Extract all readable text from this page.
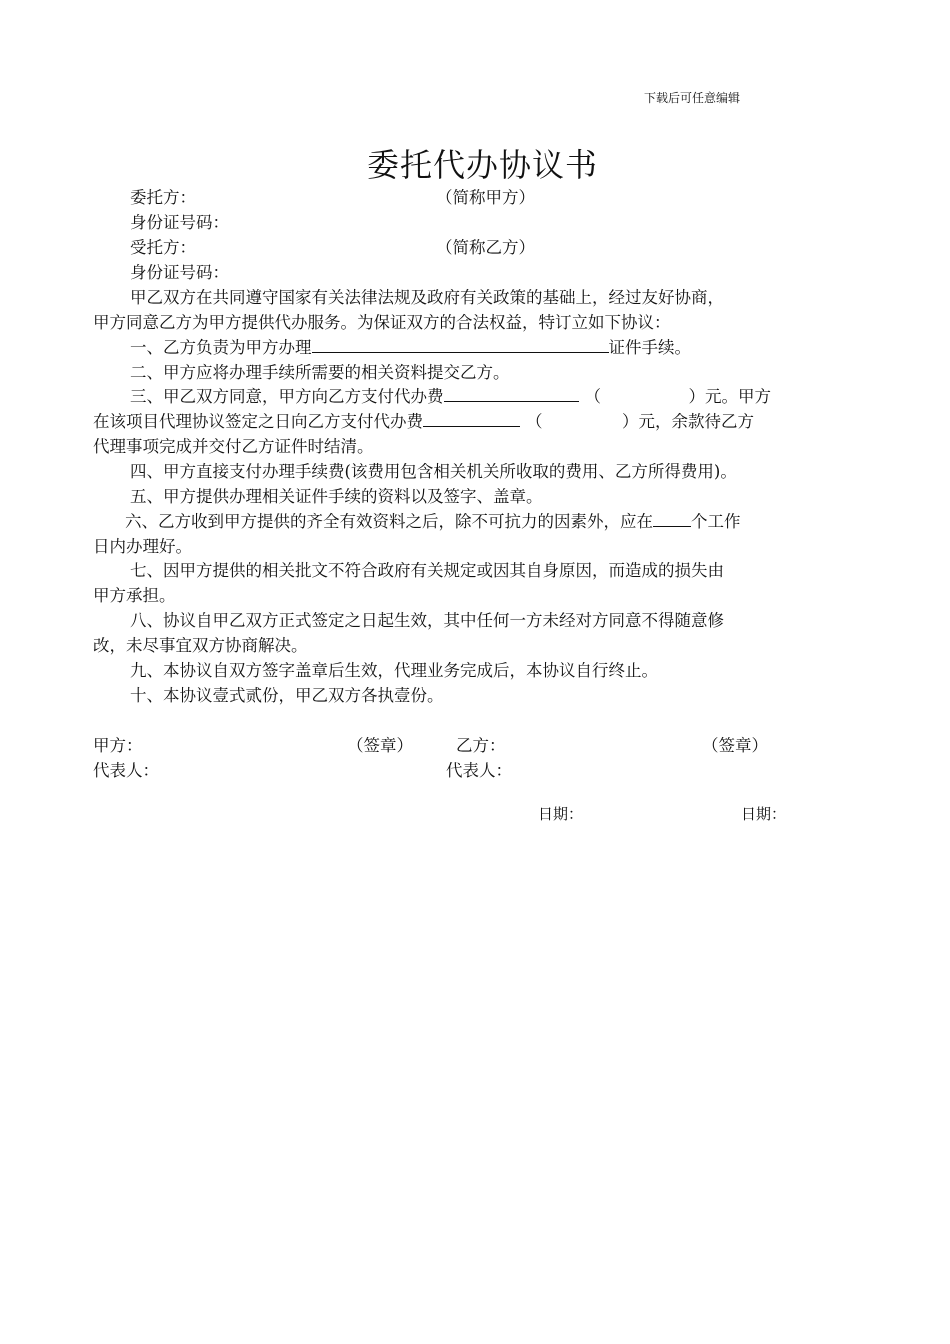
下载后可任意编辑
委托代办协议书
委托方：	（简称甲方）
身份证号码：
受托方：	（简称乙方）
身份证号码：
甲乙双方在共同遵守国家有关法律法规及政府有关政策的基础上，经过友好协商，
甲方同意乙方为甲方提供代办服务。为保证双方的合法权益，特订立如下协议：
一、乙方负责为甲方办理	证件手续。
二、甲方应将办理手续所需要的相关资料提交乙方。
三、甲乙双方同意，甲方向乙方支付代办费	（	）元。甲方
在该项目代理协议签定之日向乙方支付代办费	（	）元，余款待乙方
代理事项完成并交付乙方证件时结清。
四、甲方直接支付办理手续费(该费用包含相关机关所收取的费用、乙方所得费用)。
五、甲方提供办理相关证件手续的资料以及签字、盖章。
六、乙方收到甲方提供的齐全有效资料之后，除不可抗力的因素外，应在 个工作
日内办理好。
七、因甲方提供的相关批文不符合政府有关规定或因其自身原因，而造成的损失由
甲方承担。
八、协议自甲乙双方正式签定之日起生效，其中任何一方未经对方同意不得随意修
改，未尽事宜双方协商解决。
九、本协议自双方签字盖章后生效，代理业务完成后，本协议自行终止。
十、本协议壹式贰份，甲乙双方各执壹份。
甲方：	（签章）	乙方：	（签章）
代表人：	代表人：
日期：	日期：
